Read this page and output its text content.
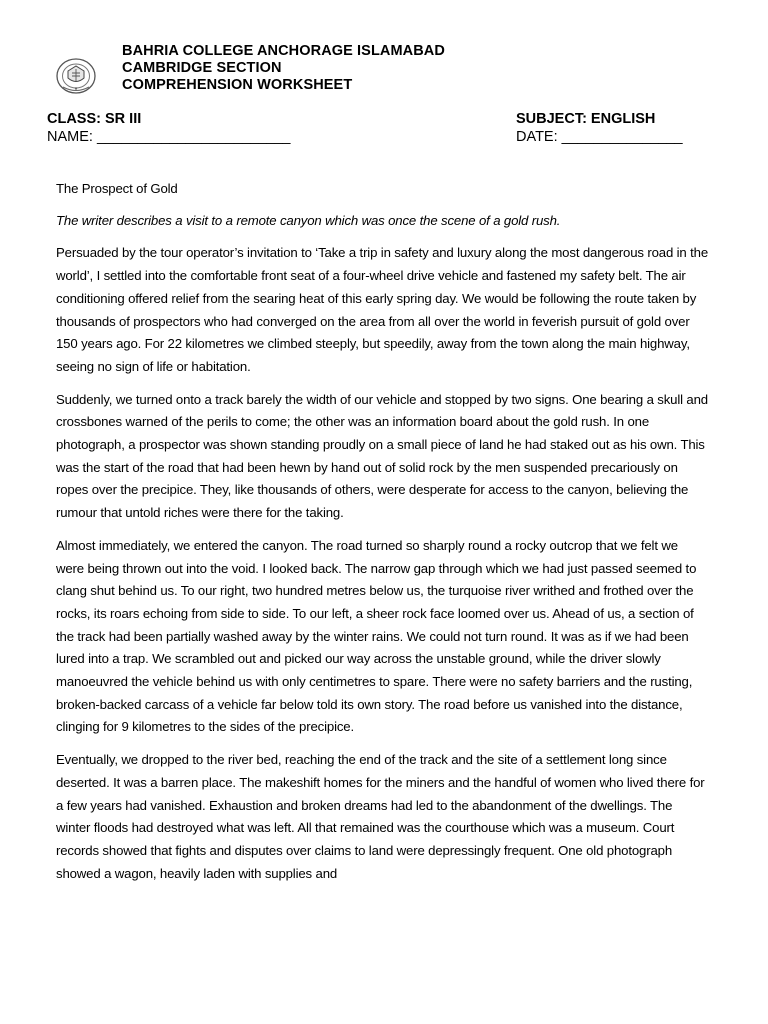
BAHRIA COLLEGE ANCHORAGE ISLAMABAD
CAMBRIDGE SECTION
COMPREHENSION WORKSHEET
CLASS: SR III
NAME: ________________________
SUBJECT: ENGLISH
DATE: _______________

The Prospect of Gold

The writer describes a visit to a remote canyon which was once the scene of a gold rush.

Persuaded by the tour operator’s invitation to ‘Take a trip in safety and luxury along the most dangerous road in the world’, I settled into the comfortable front seat of a four-wheel drive vehicle and fastened my safety belt. The air conditioning offered relief from the searing heat of this early spring day. We would be following the route taken by thousands of prospectors who had converged on the area from all over the world in feverish pursuit of gold over 150 years ago. For 22 kilometres we climbed steeply, but speedily, away from the town along the main highway, seeing no sign of life or habitation.

Suddenly, we turned onto a track barely the width of our vehicle and stopped by two signs. One bearing a skull and crossbones warned of the perils to come; the other was an information board about the gold rush. In one photograph, a prospector was shown standing proudly on a small piece of land he had staked out as his own. This was the start of the road that had been hewn by hand out of solid rock by the men suspended precariously on ropes over the precipice. They, like thousands of others, were desperate for access to the canyon, believing the rumour that untold riches were there for the taking.

Almost immediately, we entered the canyon. The road turned so sharply round a rocky outcrop that we felt we were being thrown out into the void. I looked back. The narrow gap through which we had just passed seemed to clang shut behind us. To our right, two hundred metres below us, the turquoise river writhed and frothed over the rocks, its roars echoing from side to side. To our left, a sheer rock face loomed over us. Ahead of us, a section of the track had been partially washed away by the winter rains. We could not turn round. It was as if we had been lured into a trap. We scrambled out and picked our way across the unstable ground, while the driver slowly manoeuvred the vehicle behind us with only centimetres to spare. There were no safety barriers and the rusting, broken-backed carcass of a vehicle far below told its own story. The road before us vanished into the distance, clinging for 9 kilometres to the sides of the precipice.

Eventually, we dropped to the river bed, reaching the end of the track and the site of a settlement long since deserted. It was a barren place. The makeshift homes for the miners and the handful of women who lived there for a few years had vanished. Exhaustion and broken dreams had led to the abandonment of the dwellings. The winter floods had destroyed what was left. All that remained was the courthouse which was a museum. Court records showed that fights and disputes over claims to land were depressingly frequent. One old photograph showed a wagon, heavily laden with supplies and
